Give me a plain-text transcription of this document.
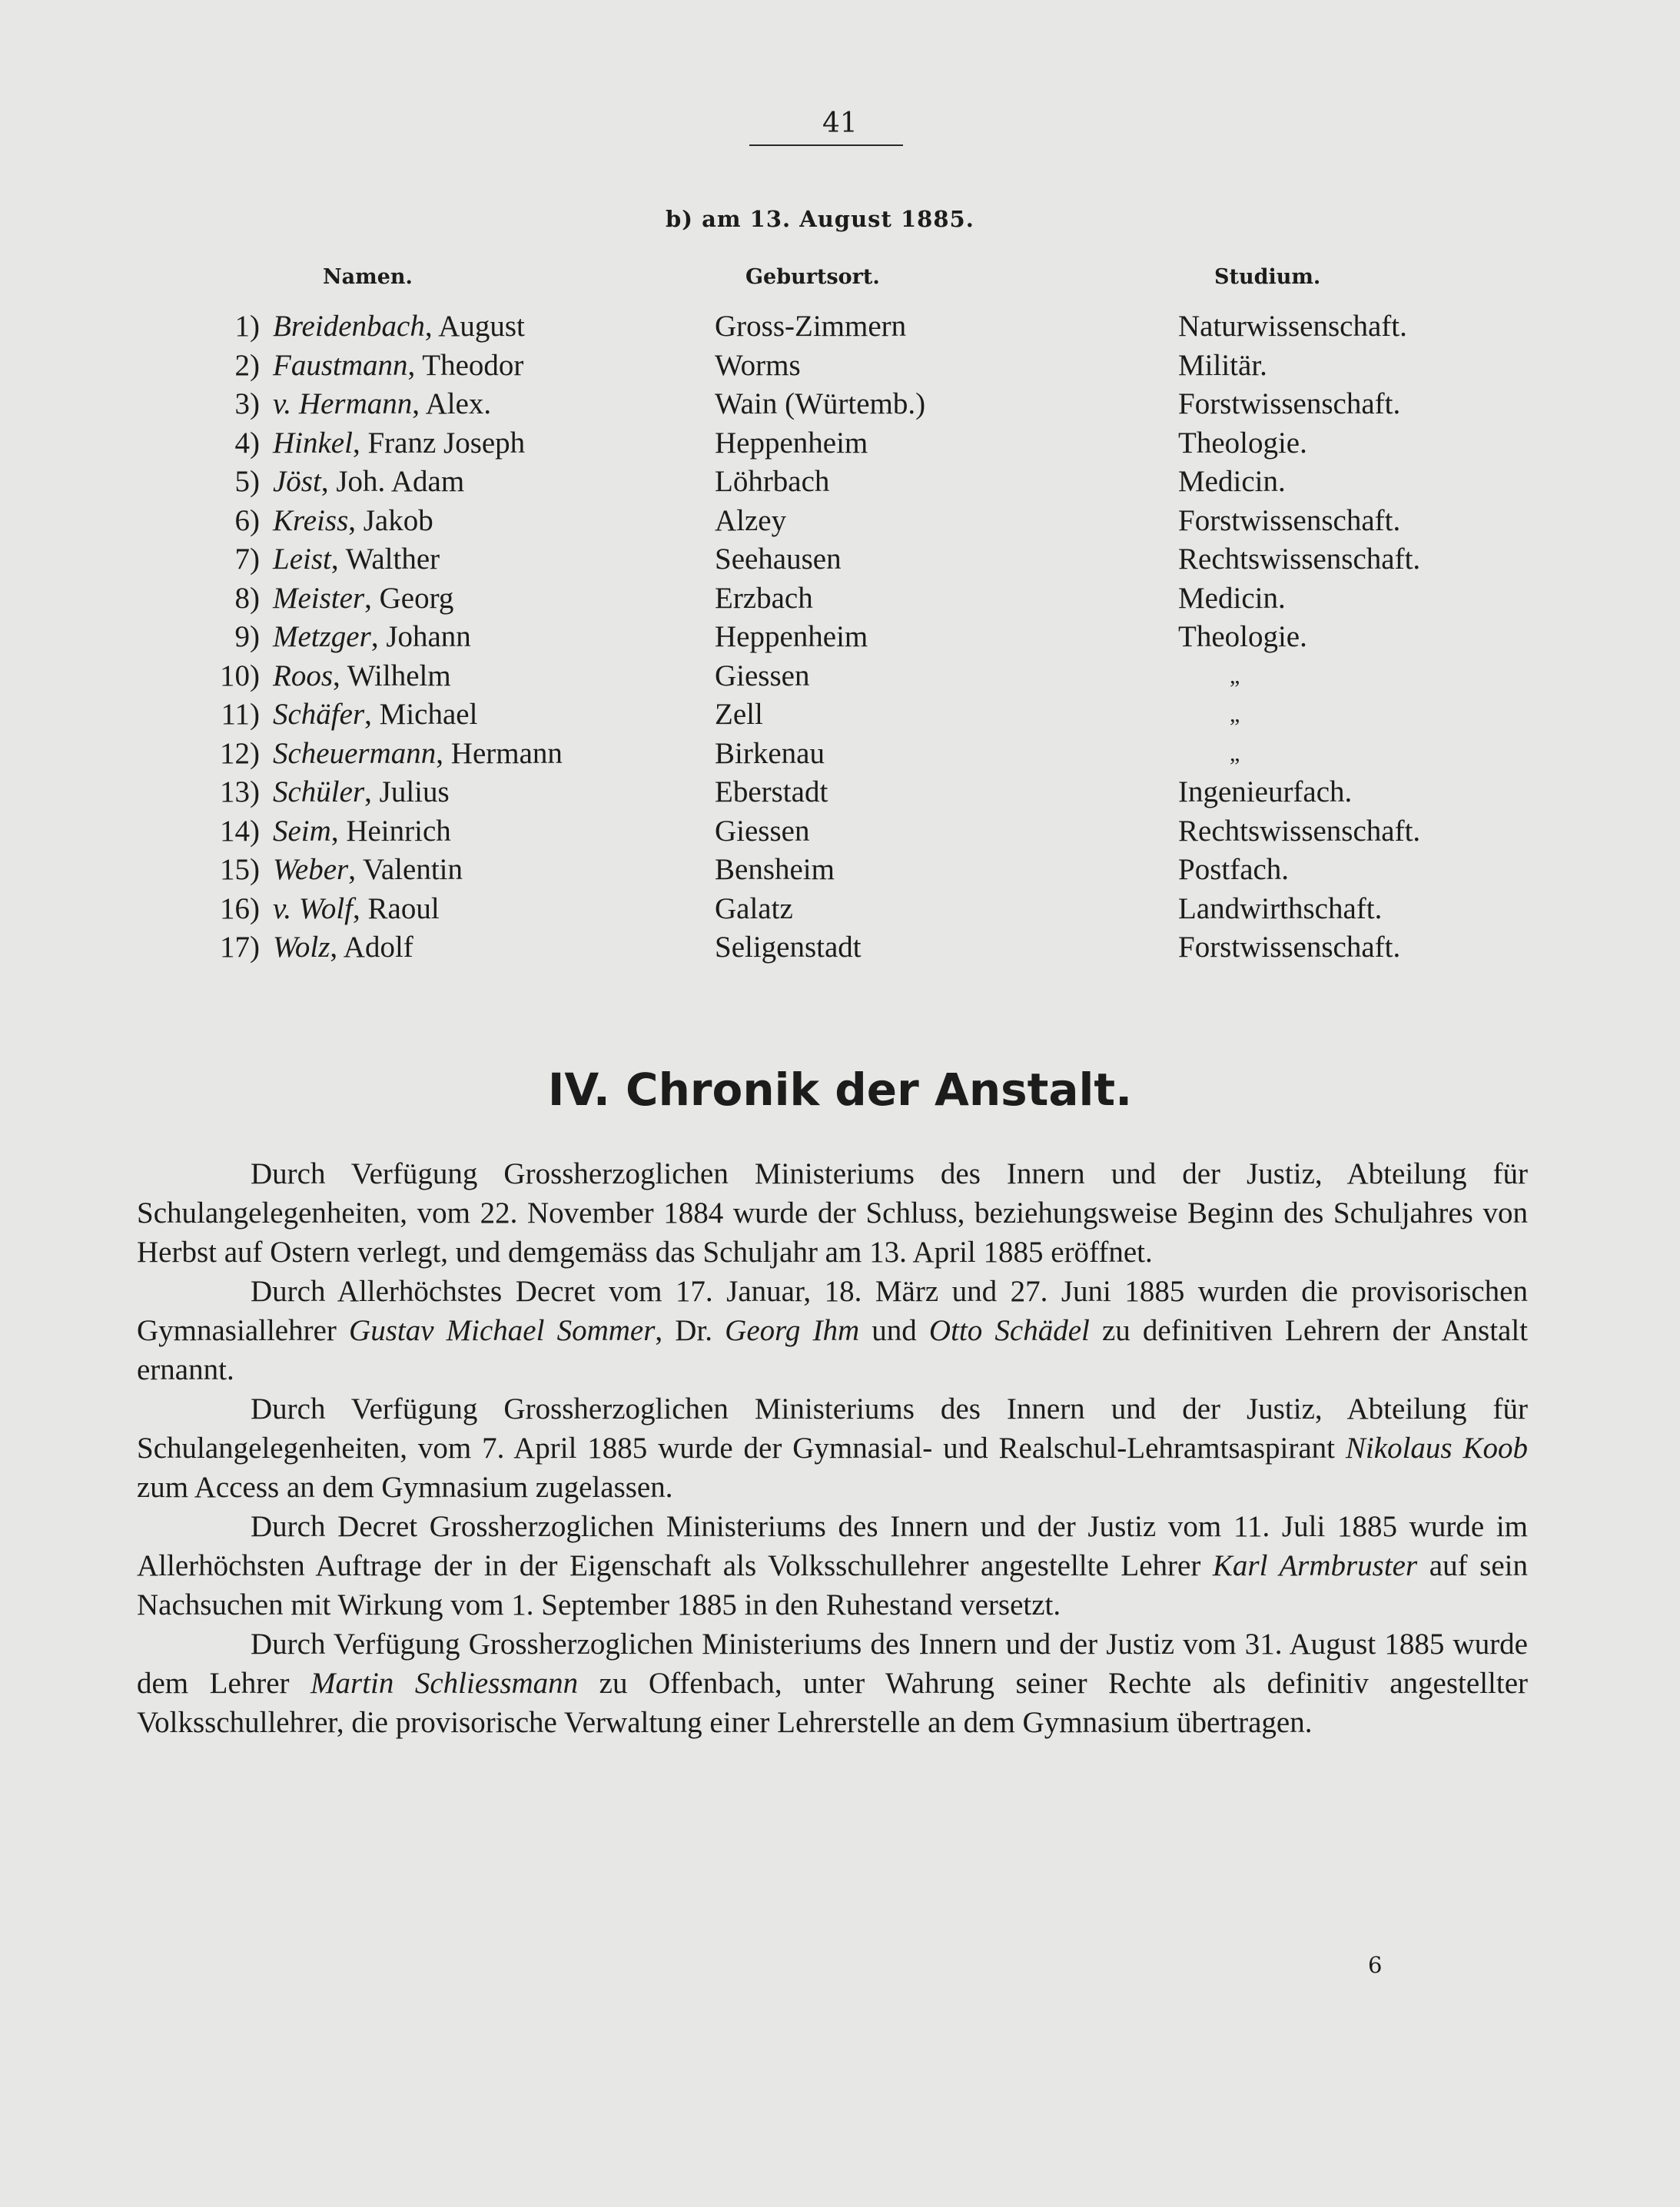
41
b) am 13. August 1885.
Namen.	Geburtsort.	Studium.
1) Breidenbach, August	Gross-Zimmern	Naturwissenschaft.
2) Faustmann, Theodor	Worms	Militär.
3) v. Hermann, Alex.	Wain (Würtemb.)	Forstwissenschaft.
4) Hinkel, Franz Joseph	Heppenheim	Theologie.
5) Jöst, Joh. Adam	Löhrbach	Medicin.
6) Kreiss, Jakob	Alzey	Forstwissenschaft.
7) Leist, Walther	Seehausen	Rechtswissenschaft.
8) Meister, Georg	Erzbach	Medicin.
9) Metzger, Johann	Heppenheim	Theologie.
10) Roos, Wilhelm	Giessen	„
11) Schäfer, Michael	Zell	„
12) Scheuermann, Hermann	Birkenau	„
13) Schüler, Julius	Eberstadt	Ingenieurfach.
14) Seim, Heinrich	Giessen	Rechtswissenschaft.
15) Weber, Valentin	Bensheim	Postfach.
16) v. Wolf, Raoul	Galatz	Landwirthschaft.
17) Wolz, Adolf	Seligenstadt	Forstwissenschaft.
IV. Chronik der Anstalt.

Durch Verfügung Grossherzoglichen Ministeriums des Innern und der Justiz, Abteilung für Schulangelegenheiten, vom 22. November 1884 wurde der Schluss, beziehungsweise Beginn des Schuljahres von Herbst auf Ostern verlegt, und demgemäss das Schuljahr am 13. April 1885 eröffnet.

Durch Allerhöchstes Decret vom 17. Januar, 18. März und 27. Juni 1885 wurden die provisorischen Gymnasiallehrer Gustav Michael Sommer, Dr. Georg Ihm und Otto Schädel zu definitiven Lehrern der Anstalt ernannt.

Durch Verfügung Grossherzoglichen Ministeriums des Innern und der Justiz, Abteilung für Schulangelegenheiten, vom 7. April 1885 wurde der Gymnasial- und Realschul-Lehramtsaspirant Nikolaus Koob zum Access an dem Gymnasium zugelassen.

Durch Decret Grossherzoglichen Ministeriums des Innern und der Justiz vom 11. Juli 1885 wurde im Allerhöchsten Auftrage der in der Eigenschaft als Volksschullehrer angestellte Lehrer Karl Armbruster auf sein Nachsuchen mit Wirkung vom 1. September 1885 in den Ruhestand versetzt.

Durch Verfügung Grossherzoglichen Ministeriums des Innern und der Justiz vom 31. August 1885 wurde dem Lehrer Martin Schliessmann zu Offenbach, unter Wahrung seiner Rechte als definitiv angestellter Volksschullehrer, die provisorische Verwaltung einer Lehrerstelle an dem Gymnasium übertragen.

6
